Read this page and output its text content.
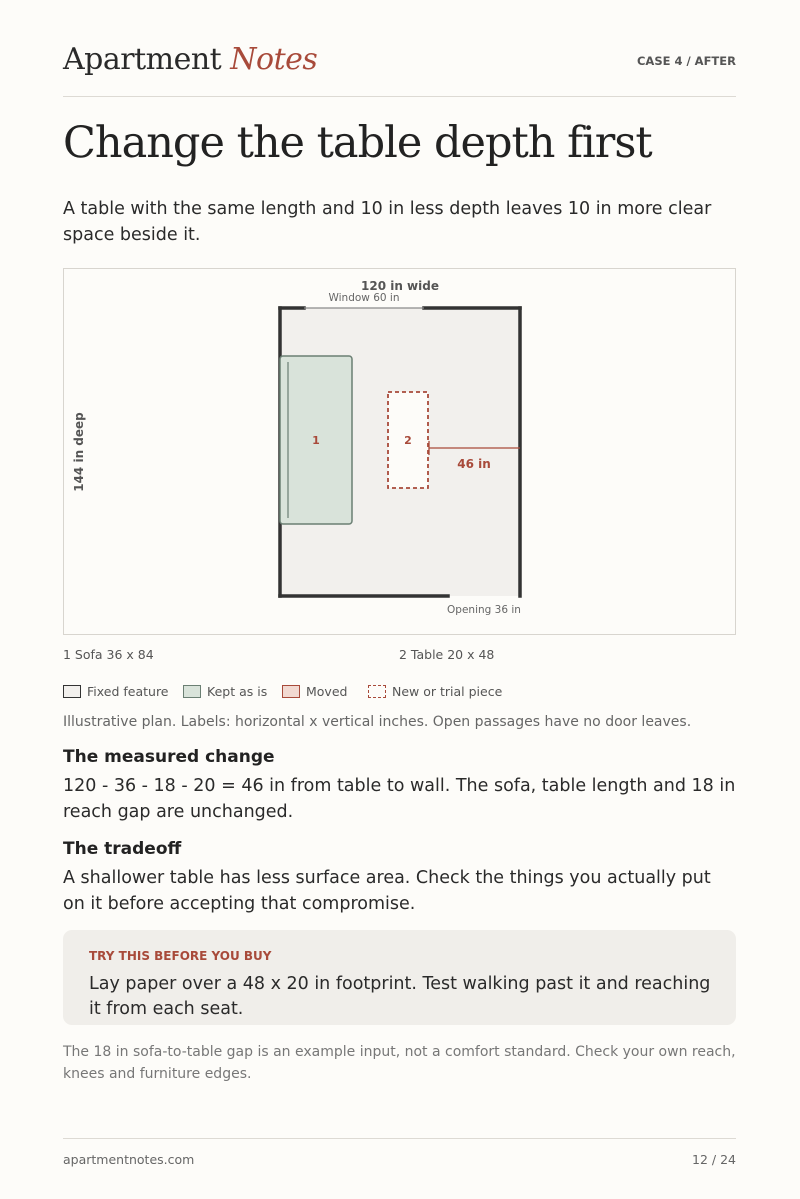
Apartment Notes	CASE 4 / AFTER
Change the table depth first
A table with the same length and 10 in less depth leaves 10 in more clear space beside it.
1	2
46 in
120 in wide
Window 60 in
Opening 36 in
144 in deep
1 Sofa 36 x 84	2 Table 20 x 48
Fixed feature	Kept as is	Moved	New or trial piece
Illustrative plan. Labels: horizontal x vertical inches. Open passages have no door leaves.
The measured change
120 - 36 - 18 - 20 = 46 in from table to wall. The sofa, table length and 18 in reach gap are unchanged.
The tradeoff
A shallower table has less surface area. Check the things you actually put on it before accepting that compromise.
TRY THIS BEFORE YOU BUY
Lay paper over a 48 x 20 in footprint. Test walking past it and reaching it from each seat.
The 18 in sofa-to-table gap is an example input, not a comfort standard. Check your own reach, knees and furniture edges.
apartmentnotes.com	12 / 24
